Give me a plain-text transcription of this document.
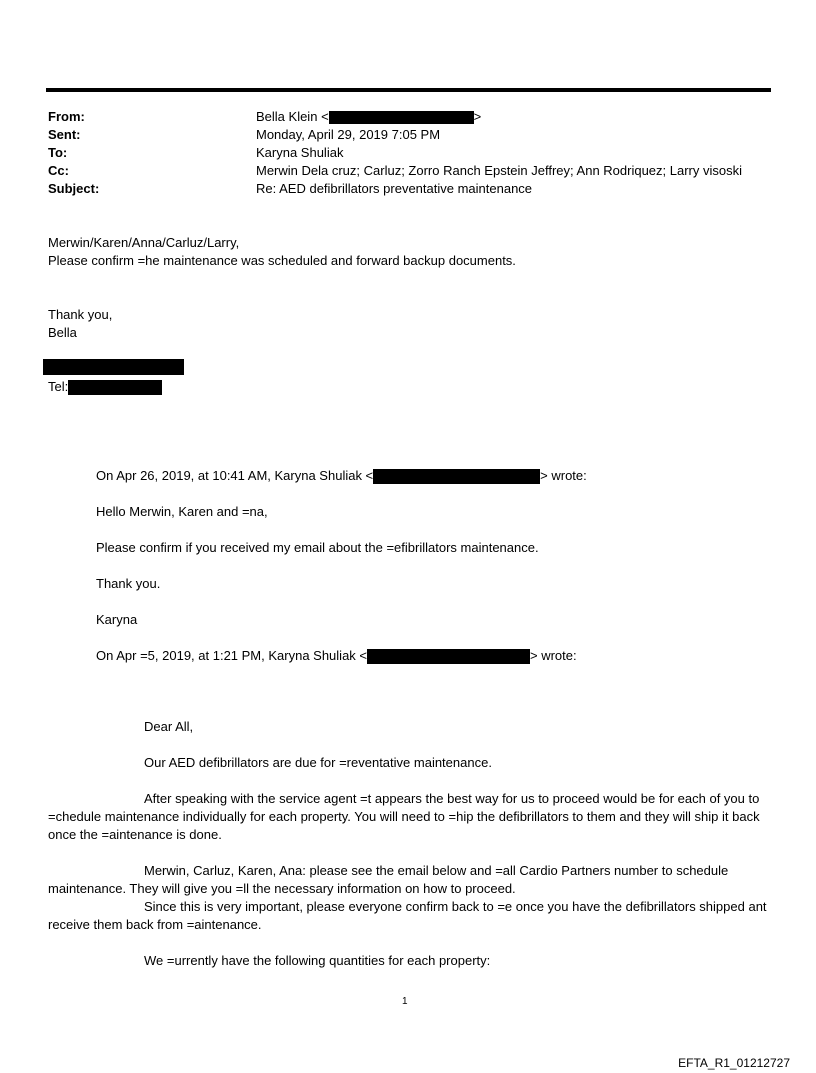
From:	Bella Klein <	>
Sent:	Monday, April 29, 2019 7:05 PM
To:	Karyna Shuliak
Cc:	Merwin Dela cruz; Carluz; Zorro Ranch Epstein Jeffrey; Ann Rodriquez; Larry visoski
Subject:	Re: AED defibrillators preventative maintenance
Merwin/Karen/Anna/Carluz/Larry,
Please confirm =he maintenance was scheduled and forward backup documents.
Thank you,
Bella
Tel:
On Apr 26, 2019, at 10:41 AM, Karyna Shuliak <	> wrote:
Hello Merwin, Karen and =na,
Please confirm if you received my email about the =efibrillators maintenance.
Thank you.
Karyna
On Apr =5, 2019, at 1:21 PM, Karyna Shuliak <	> wrote:
Dear All,
Our AED defibrillators are due for =reventative maintenance.
After speaking with the service agent =t appears the best way for us to proceed would be for each of you to =chedule maintenance individually for each property. You will need to =hip the defibrillators to them and they will ship it back once the =aintenance is done.
Merwin, Carluz, Karen, Ana: please see the email below and =all Cardio Partners number to schedule maintenance. They will give you =ll the necessary information on how to proceed.
Since this is very important, please everyone confirm back to =e once you have the defibrillators shipped ant receive them back from =aintenance.
We =urrently have the following quantities for each property:
1
EFTA_R1_01212727
